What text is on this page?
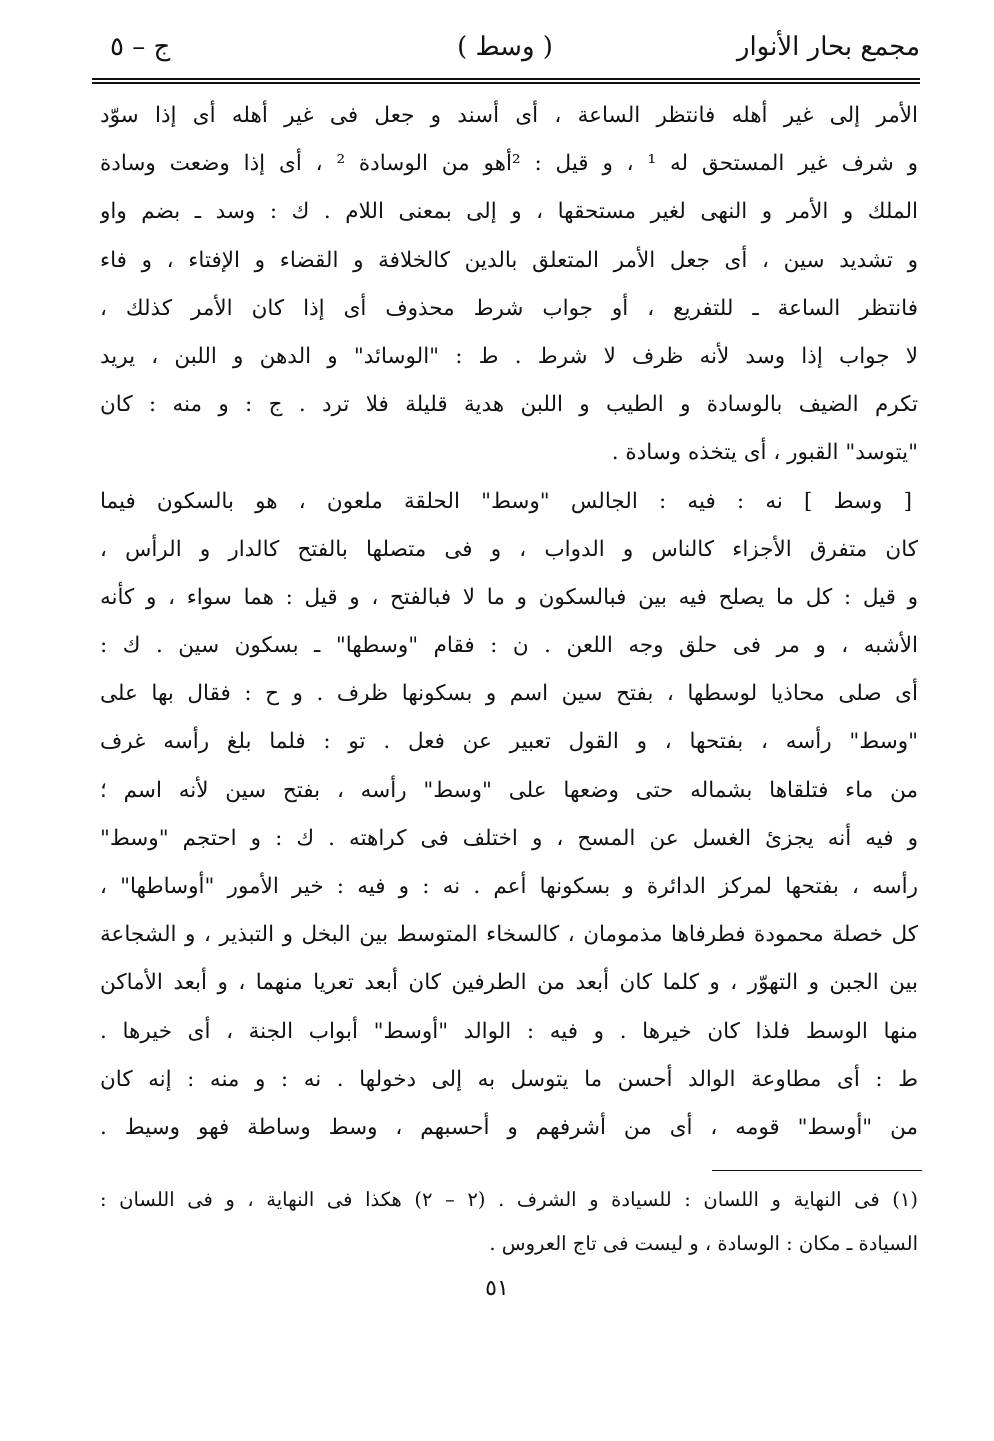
مجمع بحار الأنوار
( وسط )
ج – ٥
الأمر إلى غير أهله فانتظر الساعة ، أى أسند و جعل فى غير أهله أى إذا سوّد
و شرف غير المستحق له ¹ ، و قيل : ²أهو من الوسادة ² ، أى إذا وضعت وسادة
الملك و الأمر و النهى لغير مستحقها ، و إلى بمعنى اللام . ك : وسد ـ بضم واو
و تشديد سين ، أى جعل الأمر المتعلق بالدين كالخلافة و القضاء و الإفتاء ، و فاء
فانتظر الساعة ـ للتفريع ، أو جواب شرط محذوف أى إذا كان الأمر كذلك ،
لا جواب إذا وسد لأنه ظرف لا شرط . ط : "الوسائد" و الدهن و اللبن ، يريد
تكرم الضيف بالوسادة و الطيب و اللبن هدية قليلة فلا ترد . ج : و منه : كان
"يتوسد" القبور ، أى يتخذه وسادة .
[ وسط ] نه : فيه : الجالس "وسط" الحلقة ملعون ، هو بالسكون فيما
كان متفرق الأجزاء كالناس و الدواب ، و فى متصلها بالفتح كالدار و الرأس ،
و قيل : كل ما يصلح فيه بين فبالسكون و ما لا فبالفتح ، و قيل : هما سواء ، و كأنه
الأشبه ، و مر فى حلق وجه اللعن . ن : فقام "وسطها" ـ بسكون سين . ك :
أى صلى محاذيا لوسطها ، بفتح سين اسم و بسكونها ظرف . و ح : فقال بها على
"وسط" رأسه ، بفتحها ، و القول تعبير عن فعل . تو : فلما بلغ رأسه غرف
من ماء فتلقاها بشماله حتى وضعها على "وسط" رأسه ، بفتح سين لأنه اسم ؛
و فيه أنه يجزئ الغسل عن المسح ، و اختلف فى كراهته . ك : و احتجم "وسط"
رأسه ، بفتحها لمركز الدائرة و بسكونها أعم . نه : و فيه : خير الأمور "أوساطها" ،
كل خصلة محمودة فطرفاها مذمومان ، كالسخاء المتوسط بين البخل و التبذير ، و الشجاعة
بين الجبن و التهوّر ، و كلما كان أبعد من الطرفين كان أبعد تعريا منهما ، و أبعد الأماكن
منها الوسط فلذا كان خيرها . و فيه : الوالد "أوسط" أبواب الجنة ، أى خيرها .
ط : أى مطاوعة الوالد أحسن ما يتوسل به إلى دخولها . نه : و منه : إنه كان
من "أوسط" قومه ، أى من أشرفهم و أحسبهم ، وسط وساطة فهو وسيط .
(١) فى النهاية و اللسان : للسيادة و الشرف . (٢ – ٢) هكذا فى النهاية ، و فى اللسان :
السيادة ـ مكان : الوسادة ، و ليست فى تاج العروس .
٥١
